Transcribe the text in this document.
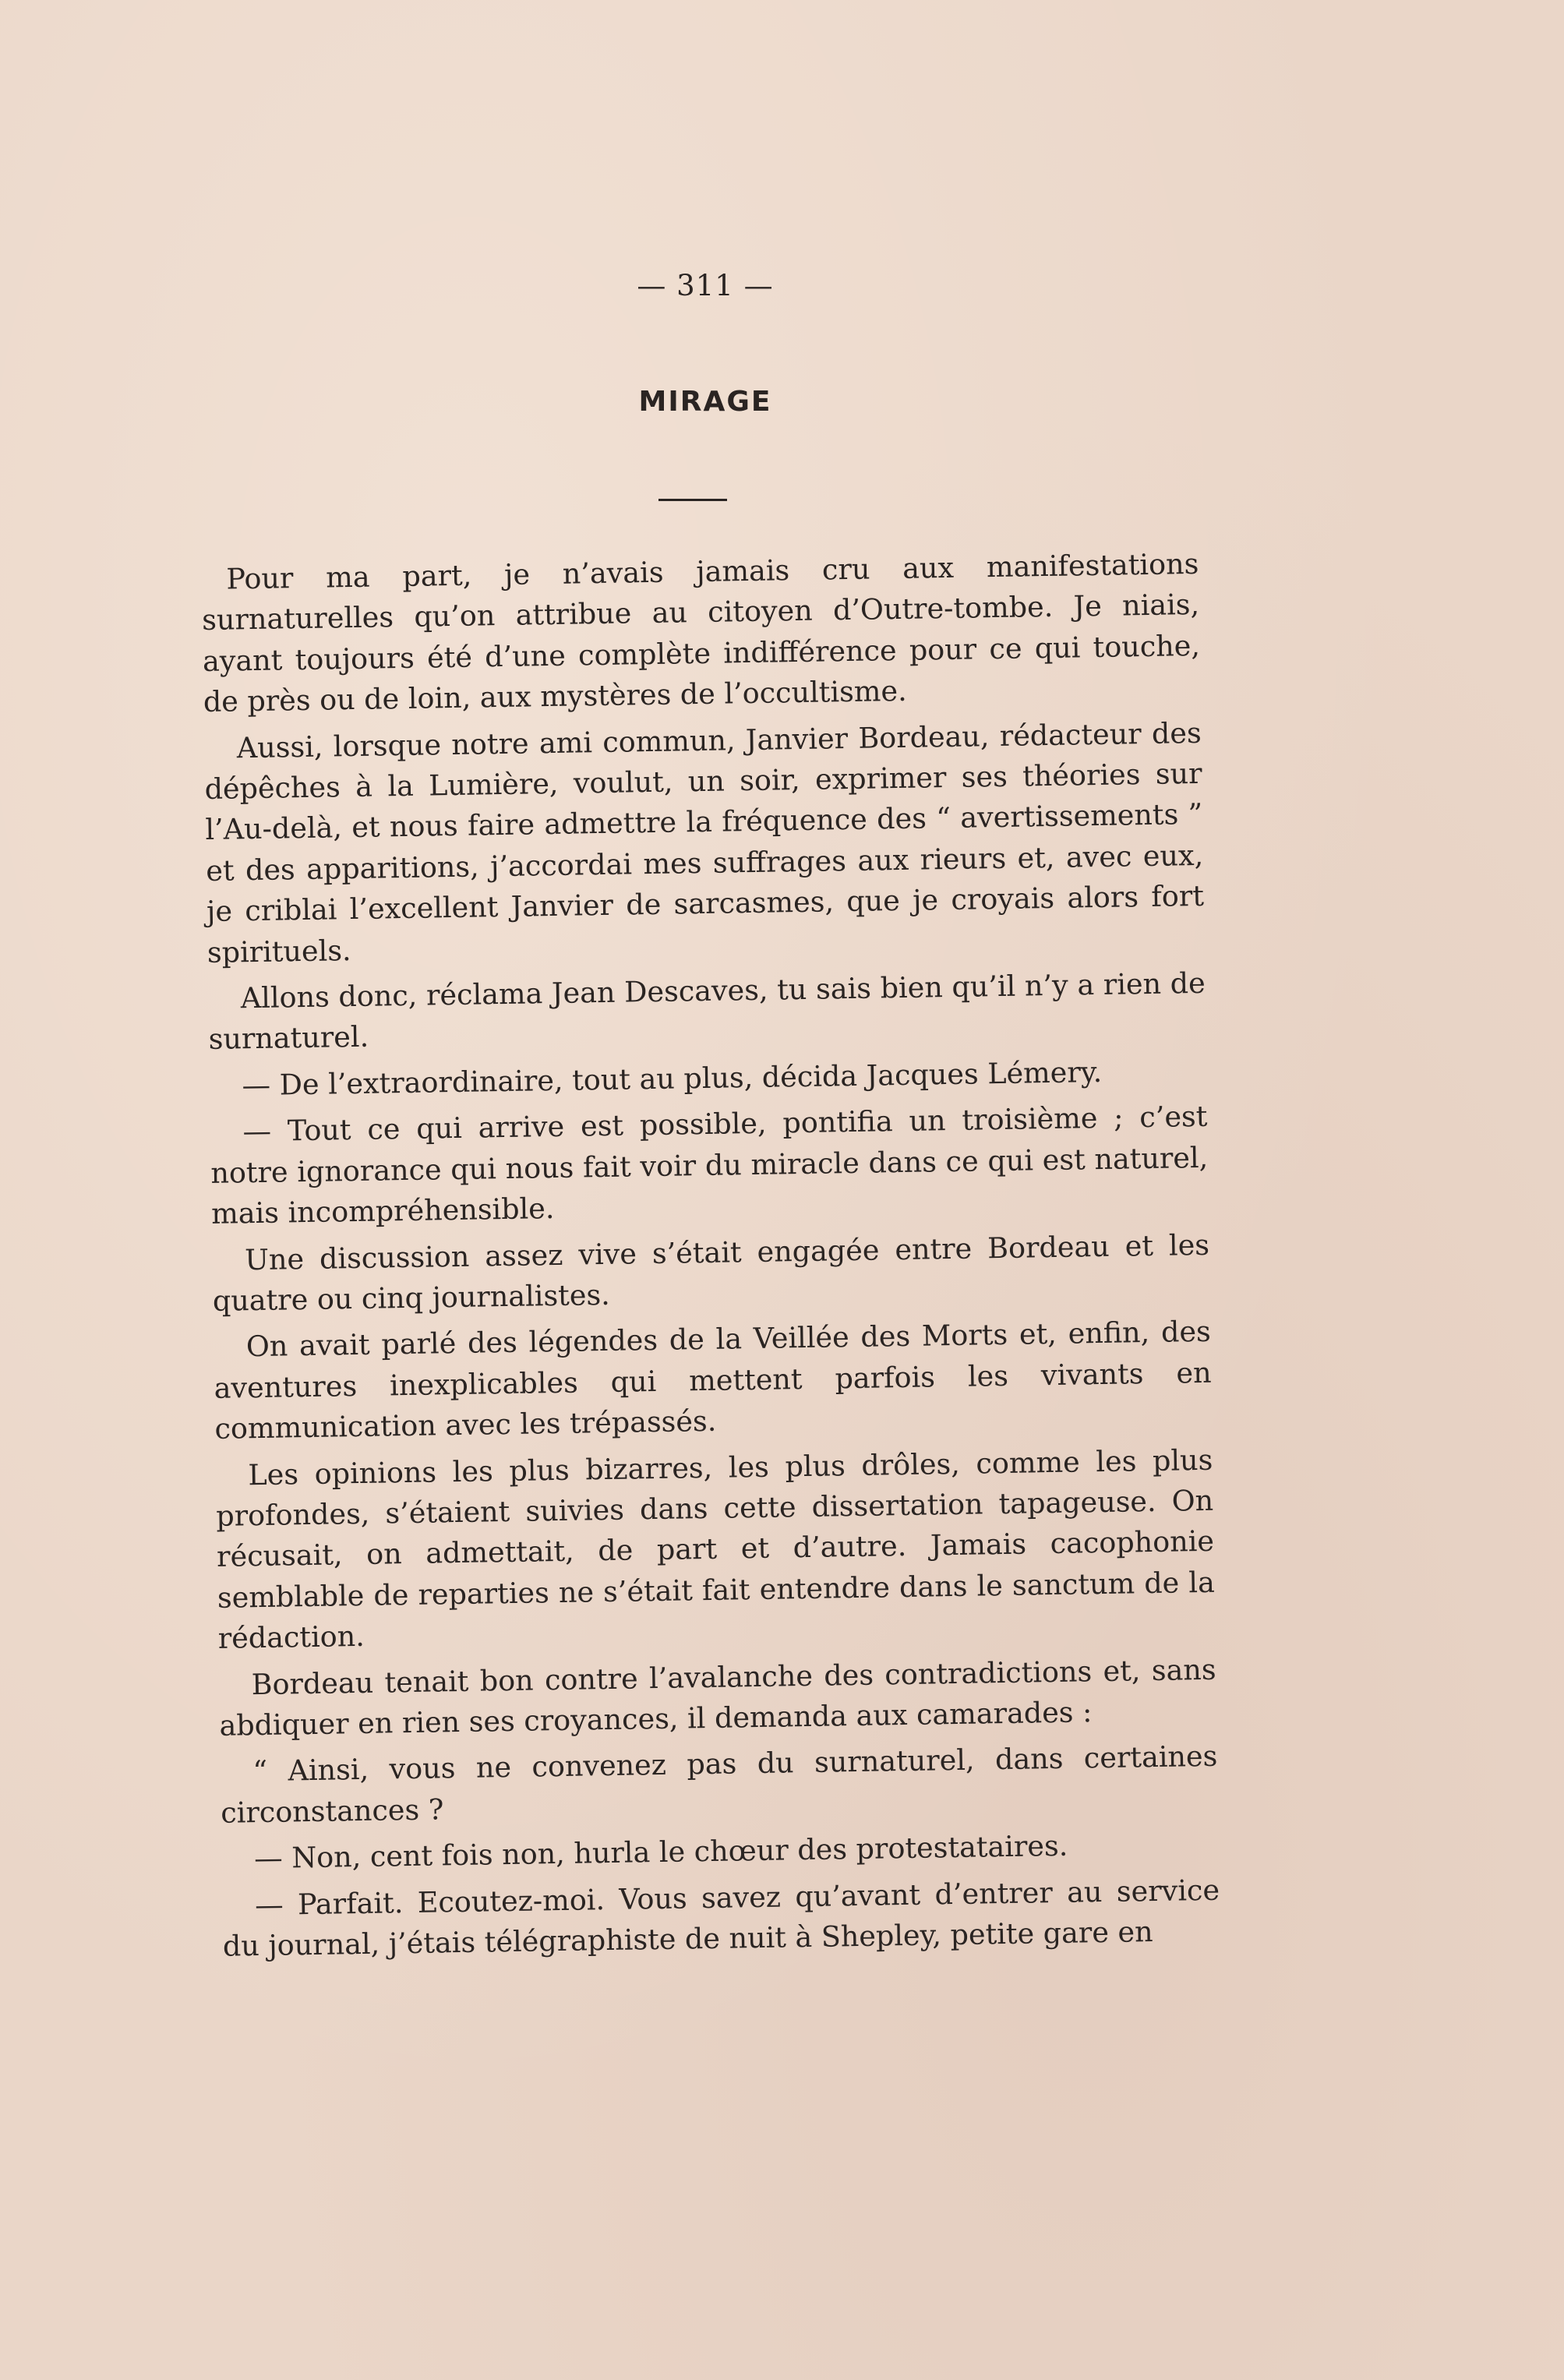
— 311 —
MIRAGE

Pour ma part, je n’avais jamais cru aux manifestations surnaturelles qu’on attribue au citoyen d’Outre-tombe. Je niais, ayant toujours été d’une complète indifférence pour ce qui touche, de près ou de loin, aux mystères de l’occultisme.

Aussi, lorsque notre ami commun, Janvier Bordeau, rédacteur des dépêches à la Lumière, voulut, un soir, exprimer ses théories sur l’Au-delà, et nous faire admettre la fréquence des “ avertissements ” et des apparitions, j’accordai mes suffrages aux rieurs et, avec eux, je criblai l’excellent Janvier de sarcasmes, que je croyais alors fort spirituels.

Allons donc, réclama Jean Descaves, tu sais bien qu’il n’y a rien de surnaturel.

— De l’extraordinaire, tout au plus, décida Jacques Lémery.

— Tout ce qui arrive est possible, pontifia un troisième ; c’est notre ignorance qui nous fait voir du miracle dans ce qui est naturel, mais incompréhensible.

Une discussion assez vive s’était engagée entre Bordeau et les quatre ou cinq journalistes.

On avait parlé des légendes de la Veillée des Morts et, enfin, des aventures inexplicables qui mettent parfois les vivants en communication avec les trépassés.

Les opinions les plus bizarres, les plus drôles, comme les plus profondes, s’étaient suivies dans cette dissertation tapageuse. On récusait, on admettait, de part et d’autre. Jamais cacophonie semblable de reparties ne s’était fait entendre dans le sanctum de la rédaction.

Bordeau tenait bon contre l’avalanche des contradictions et, sans abdiquer en rien ses croyances, il demanda aux camarades :

“ Ainsi, vous ne convenez pas du surnaturel, dans certaines circonstances ?

— Non, cent fois non, hurla le chœur des protestataires.

— Parfait. Ecoutez-moi. Vous savez qu’avant d’entrer au service du journal, j’étais télégraphiste de nuit à Shepley, petite gare en
